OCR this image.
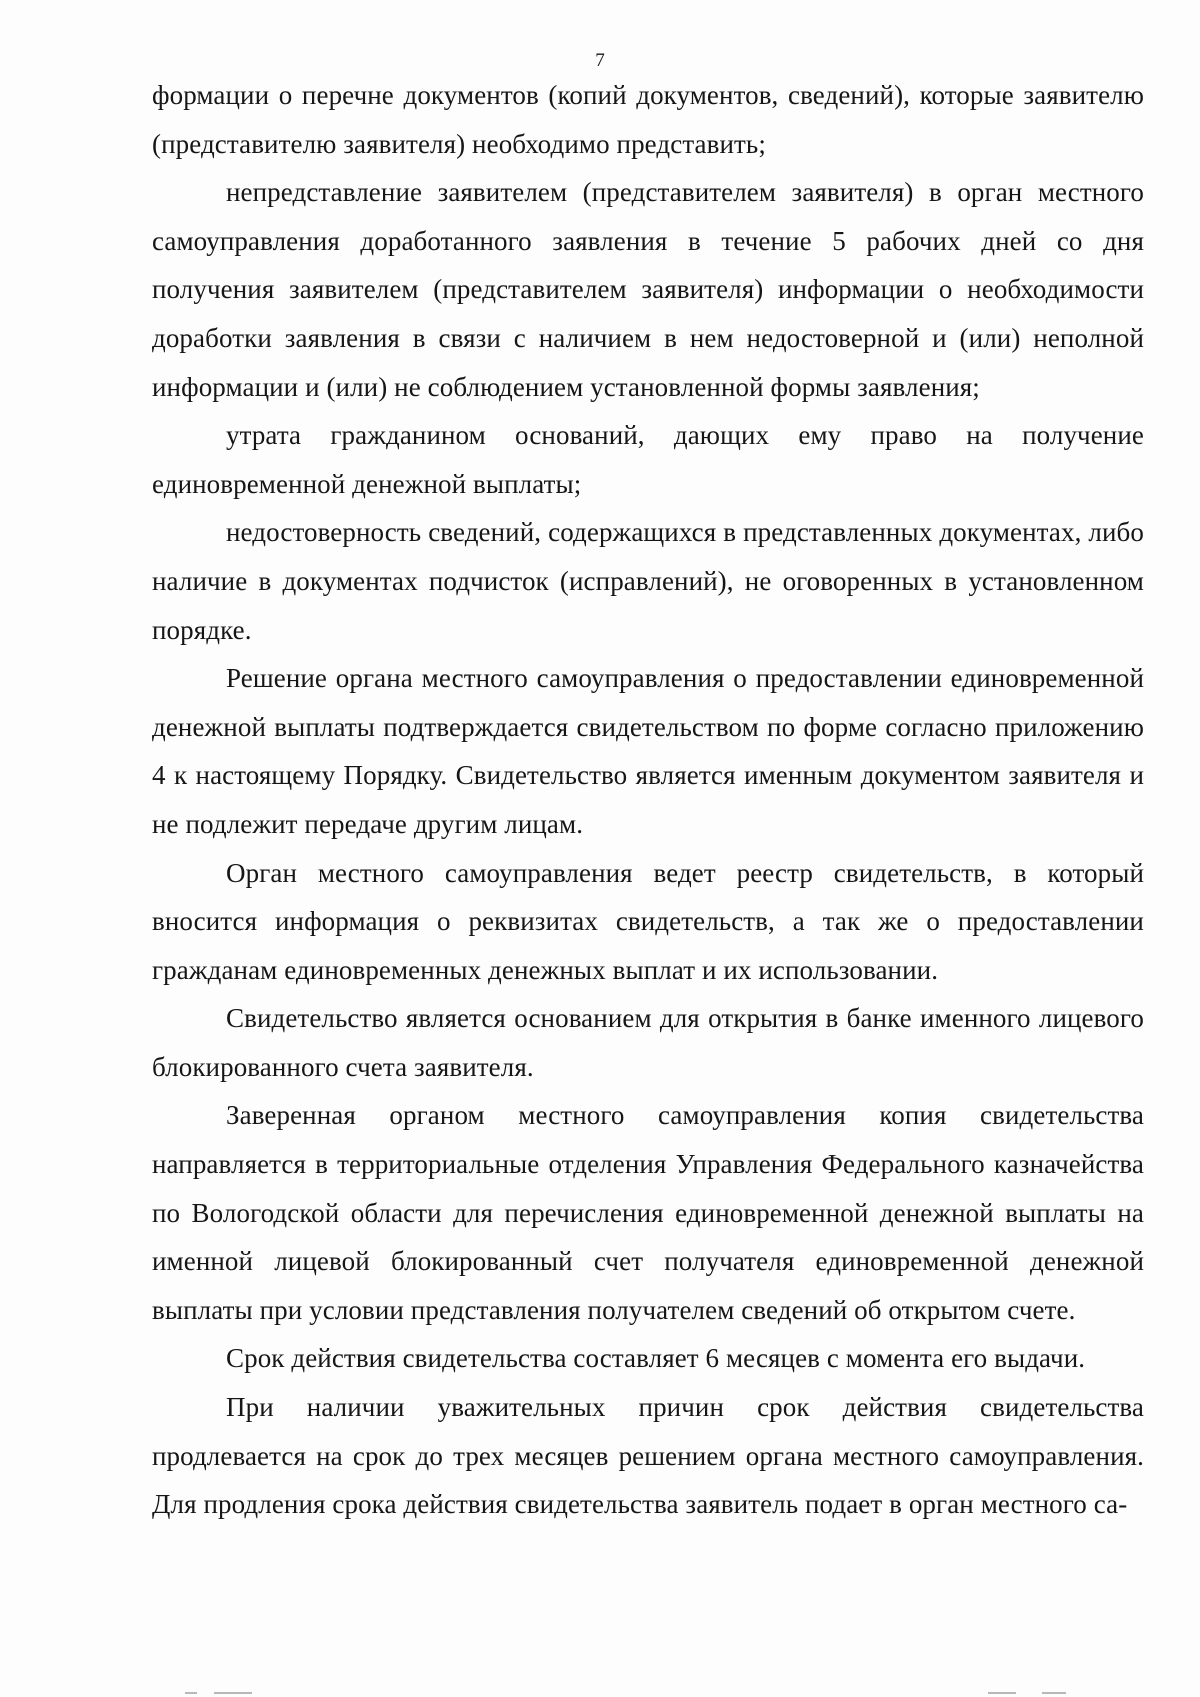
7

формации о перечне документов (копий документов, сведений), которые заявителю (представителю заявителя) необходимо представить;

непредставление заявителем (представителем заявителя) в орган местного самоуправления доработанного заявления в течение 5 рабочих дней со дня получения заявителем (представителем заявителя) информации о необходимости доработки заявления в связи с наличием в нем недостоверной и (или) неполной информации и (или) не соблюдением установленной формы заявления;

утрата гражданином оснований, дающих ему право на получение единовременной денежной выплаты;

недостоверность сведений, содержащихся в представленных документах, либо наличие в документах подчисток (исправлений), не оговоренных в установленном порядке.

Решение органа местного самоуправления о предоставлении единовременной денежной выплаты подтверждается свидетельством по форме согласно приложению 4 к настоящему Порядку. Свидетельство является именным документом заявителя и не подлежит передаче другим лицам.

Орган местного самоуправления ведет реестр свидетельств, в который вносится информация о реквизитах свидетельств, а так же о предоставлении гражданам единовременных денежных выплат и их использовании.

Свидетельство является основанием для открытия в банке именного лицевого блокированного счета заявителя.

Заверенная органом местного самоуправления копия свидетельства направляется в территориальные отделения Управления Федерального казначейства по Вологодской области для перечисления единовременной денежной выплаты на именной лицевой блокированный счет получателя единовременной денежной выплаты при условии представления получателем сведений об открытом счете.

Срок действия свидетельства составляет 6 месяцев с момента его выдачи.

При наличии уважительных причин срок действия свидетельства продлевается на срок до трех месяцев решением органа местного самоуправления. Для продления срока действия свидетельства заявитель подает в орган местного са-
